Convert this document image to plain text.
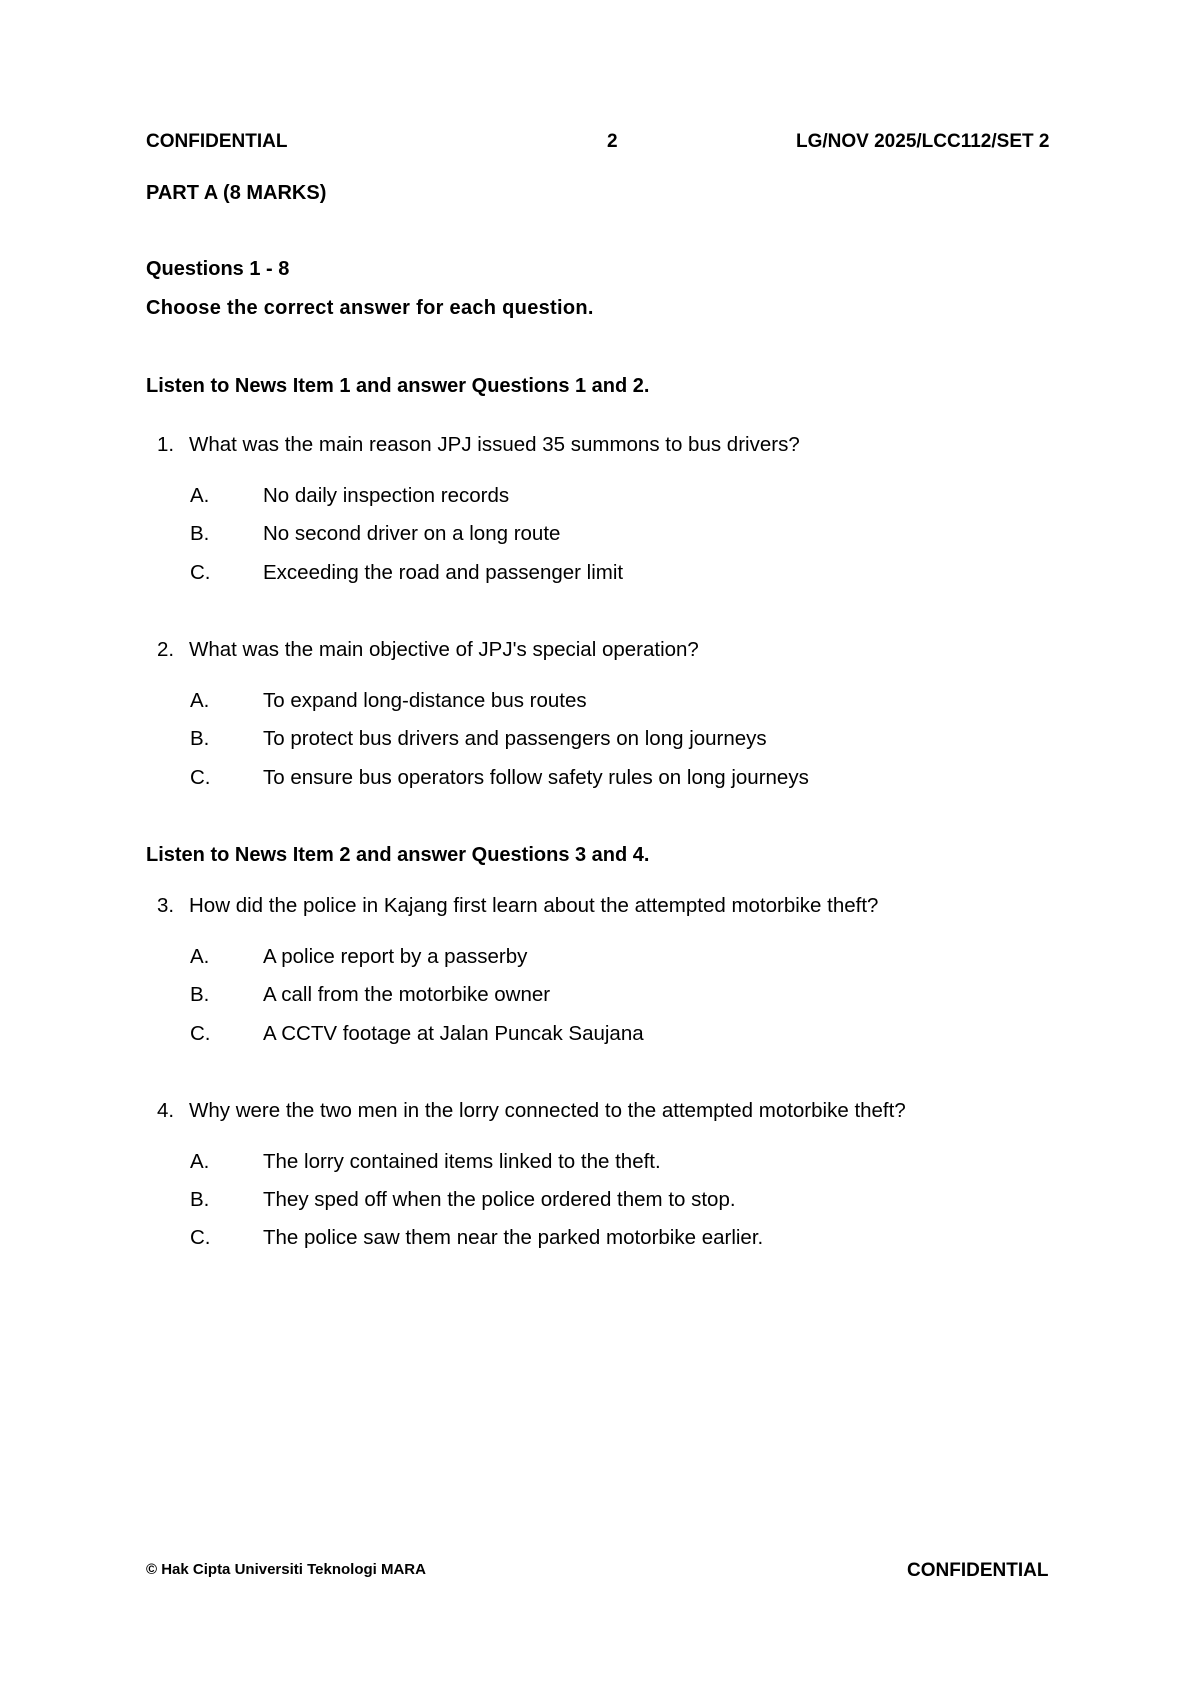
CONFIDENTIAL	2	LG/NOV 2025/LCC112/SET 2
PART A (8 MARKS)
Questions 1 - 8
Choose the correct answer for each question.
Listen to News Item 1 and answer Questions 1 and 2.
1. What was the main reason JPJ issued 35 summons to bus drivers?
A.	No daily inspection records
B.	No second driver on a long route
C.	Exceeding the road and passenger limit
2. What was the main objective of JPJ's special operation?
A.	To expand long-distance bus routes
B.	To protect bus drivers and passengers on long journeys
C.	To ensure bus operators follow safety rules on long journeys
Listen to News Item 2 and answer Questions 3 and 4.
3. How did the police in Kajang first learn about the attempted motorbike theft?
A.	A police report by a passerby
B.	A call from the motorbike owner
C.	A CCTV footage at Jalan Puncak Saujana
4. Why were the two men in the lorry connected to the attempted motorbike theft?
A.	The lorry contained items linked to the theft.
B.	They sped off when the police ordered them to stop.
C.	The police saw them near the parked motorbike earlier.
© Hak Cipta Universiti Teknologi MARA	CONFIDENTIAL
